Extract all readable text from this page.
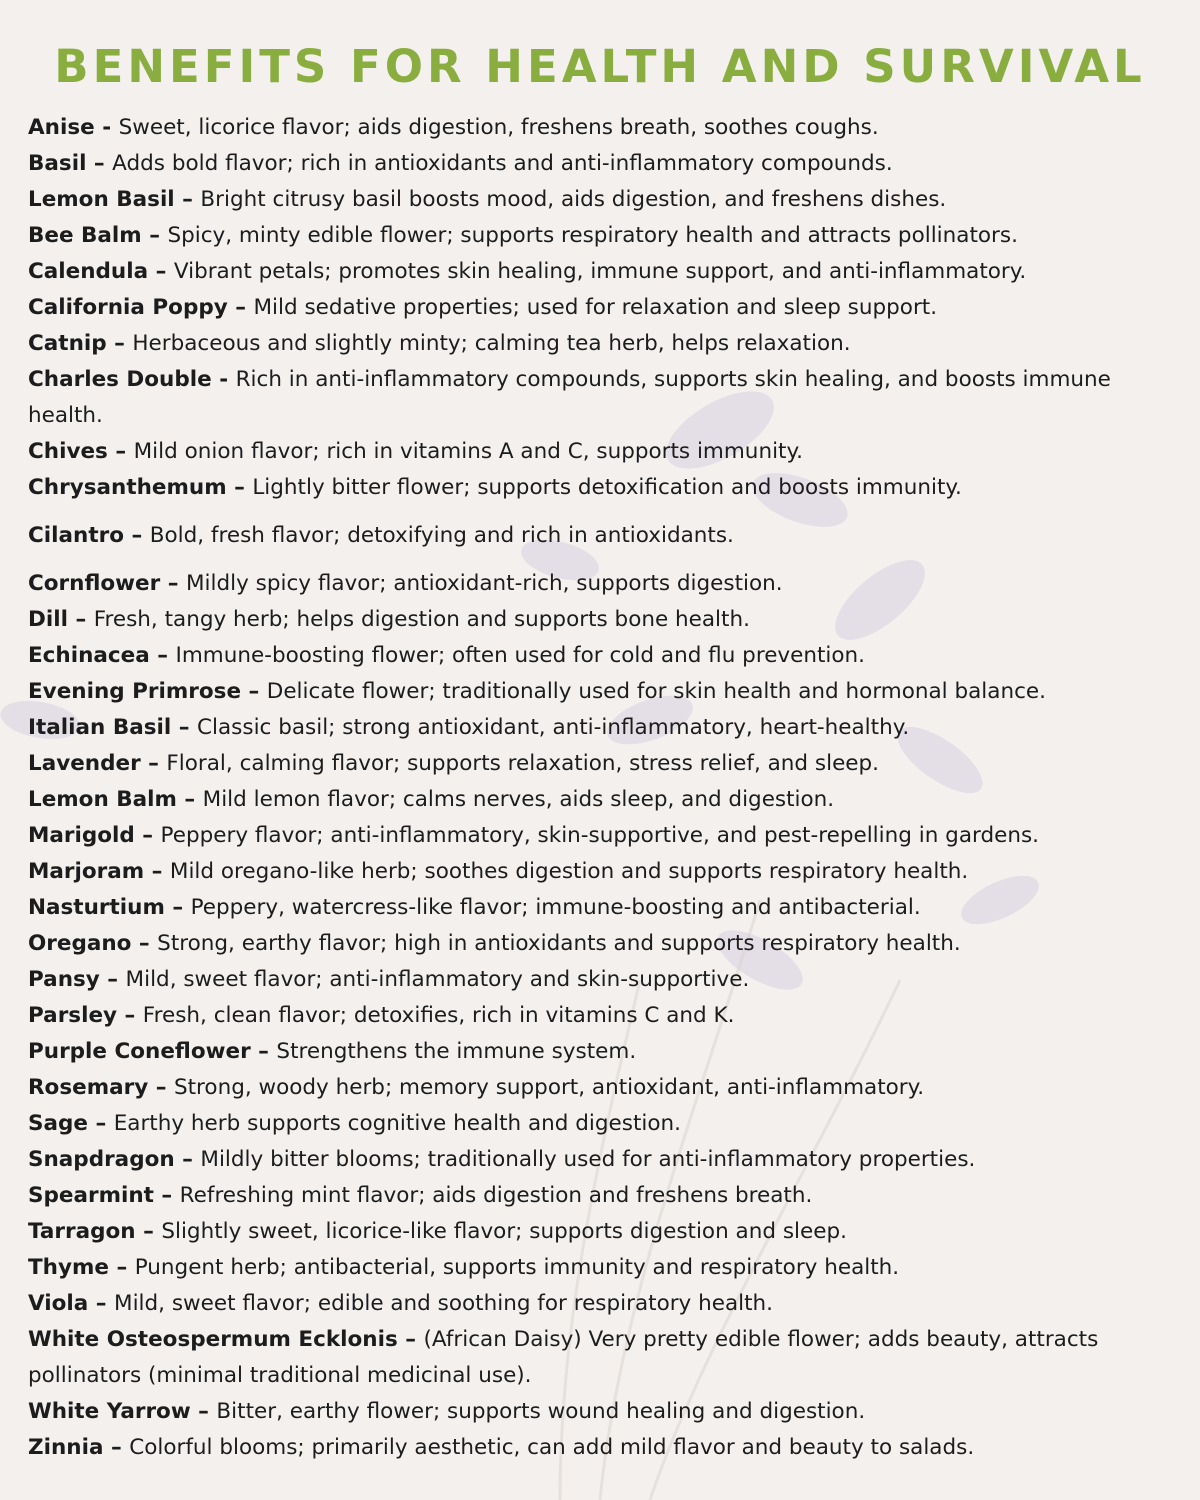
BENEFITS FOR HEALTH AND SURVIVAL
Anise - Sweet, licorice flavor; aids digestion, freshens breath, soothes coughs.
Basil – Adds bold flavor; rich in antioxidants and anti-inflammatory compounds.
Lemon Basil – Bright citrusy basil boosts mood, aids digestion, and freshens dishes.
Bee Balm – Spicy, minty edible flower; supports respiratory health and attracts pollinators.
Calendula – Vibrant petals; promotes skin healing, immune support, and anti-inflammatory.
California Poppy – Mild sedative properties; used for relaxation and sleep support.
Catnip – Herbaceous and slightly minty; calming tea herb, helps relaxation.
Charles Double - Rich in anti-inflammatory compounds, supports skin healing, and boosts immune health.
Chives – Mild onion flavor; rich in vitamins A and C, supports immunity.
Chrysanthemum – Lightly bitter flower; supports detoxification and boosts immunity.
Cilantro – Bold, fresh flavor; detoxifying and rich in antioxidants.
Cornflower – Mildly spicy flavor; antioxidant-rich, supports digestion.
Dill – Fresh, tangy herb; helps digestion and supports bone health.
Echinacea – Immune-boosting flower; often used for cold and flu prevention.
Evening Primrose – Delicate flower; traditionally used for skin health and hormonal balance.
Italian Basil – Classic basil; strong antioxidant, anti-inflammatory, heart-healthy.
Lavender – Floral, calming flavor; supports relaxation, stress relief, and sleep.
Lemon Balm – Mild lemon flavor; calms nerves, aids sleep, and digestion.
Marigold – Peppery flavor; anti-inflammatory, skin-supportive, and pest-repelling in gardens.
Marjoram – Mild oregano-like herb; soothes digestion and supports respiratory health.
Nasturtium – Peppery, watercress-like flavor; immune-boosting and antibacterial.
Oregano – Strong, earthy flavor; high in antioxidants and supports respiratory health.
Pansy – Mild, sweet flavor; anti-inflammatory and skin-supportive.
Parsley – Fresh, clean flavor; detoxifies, rich in vitamins C and K.
Purple Coneflower – Strengthens the immune system.
Rosemary – Strong, woody herb; memory support, antioxidant, anti-inflammatory.
Sage – Earthy herb supports cognitive health and digestion.
Snapdragon – Mildly bitter blooms; traditionally used for anti-inflammatory properties.
Spearmint – Refreshing mint flavor; aids digestion and freshens breath.
Tarragon – Slightly sweet, licorice-like flavor; supports digestion and sleep.
Thyme – Pungent herb; antibacterial, supports immunity and respiratory health.
Viola – Mild, sweet flavor; edible and soothing for respiratory health.
White Osteospermum Ecklonis – (African Daisy) Very pretty edible flower; adds beauty, attracts pollinators (minimal traditional medicinal use).
White Yarrow – Bitter, earthy flower; supports wound healing and digestion.
Zinnia – Colorful blooms; primarily aesthetic, can add mild flavor and beauty to salads.
